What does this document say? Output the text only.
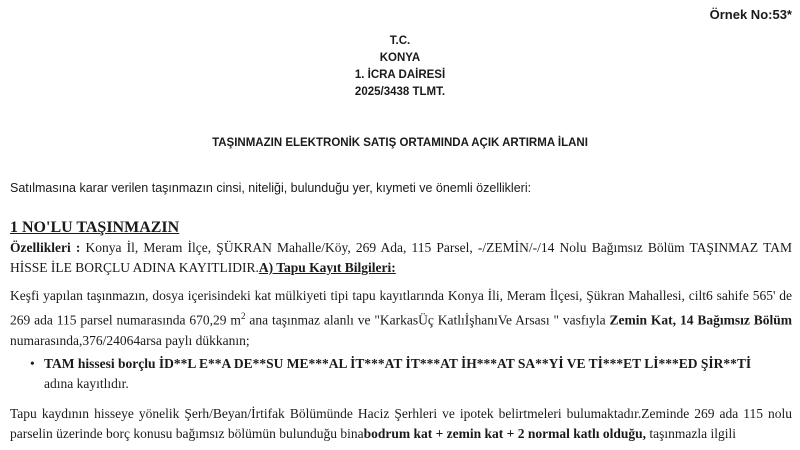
Örnek No:53*
T.C.
KONYA
1. İCRA DAİRESİ
2025/3438 TLMT.
TAŞINMAZIN ELEKTRONİK SATIŞ ORTAMINDA AÇIK ARTIRMA İLANI
Satılmasına karar verilen taşınmazın cinsi, niteliği, bulunduğu yer, kıymeti ve önemli özellikleri:
1 NO'LU TAŞINMAZIN
Özellikleri : Konya İl, Meram İlçe, ŞÜKRAN Mahalle/Köy, 269 Ada, 115 Parsel, -/ZEMİN/-/14 Nolu Bağımsız Bölüm TAŞINMAZ TAM HİSSE İLE BORÇLU ADINA KAYITLIDIR.A) Tapu Kayıt Bilgileri:
Keşfi yapılan taşınmazın, dosya içerisindeki kat mülkiyeti tipi tapu kayıtlarında Konya İli, Meram İlçesi, Şükran Mahallesi, cilt6 sahife 565' de 269 ada 115 parsel numarasında 670,29 $m^2$ ana taşınmaz alanlı ve "KarkasÜç KatlıİşhanıVe Arsası " vasfıyla Zemin Kat, 14 Bağımsız Bölüm numarasında,376/24064arsa paylı dükkanın;
• TAM hissesi borçlu İD**L E**A DE**SU ME***AL İT***AT İT***AT İH***AT SA**Yİ VE Tİ***ET Lİ***ED ŞİR**Tİ
adına kayıtlıdır.
Tapu kaydının hisseye yönelik Şerh/Beyan/İrtifak Bölümünde Haciz Şerhleri ve ipotek belirtmeleri bulumaktadır.Zeminde 269 ada 115 nolu parselin üzerinde borç konusu bağımsız bölümün bulunduğu binabodrum kat + zemin kat + 2 normal katlı olduğu, taşınmazla ilgili
